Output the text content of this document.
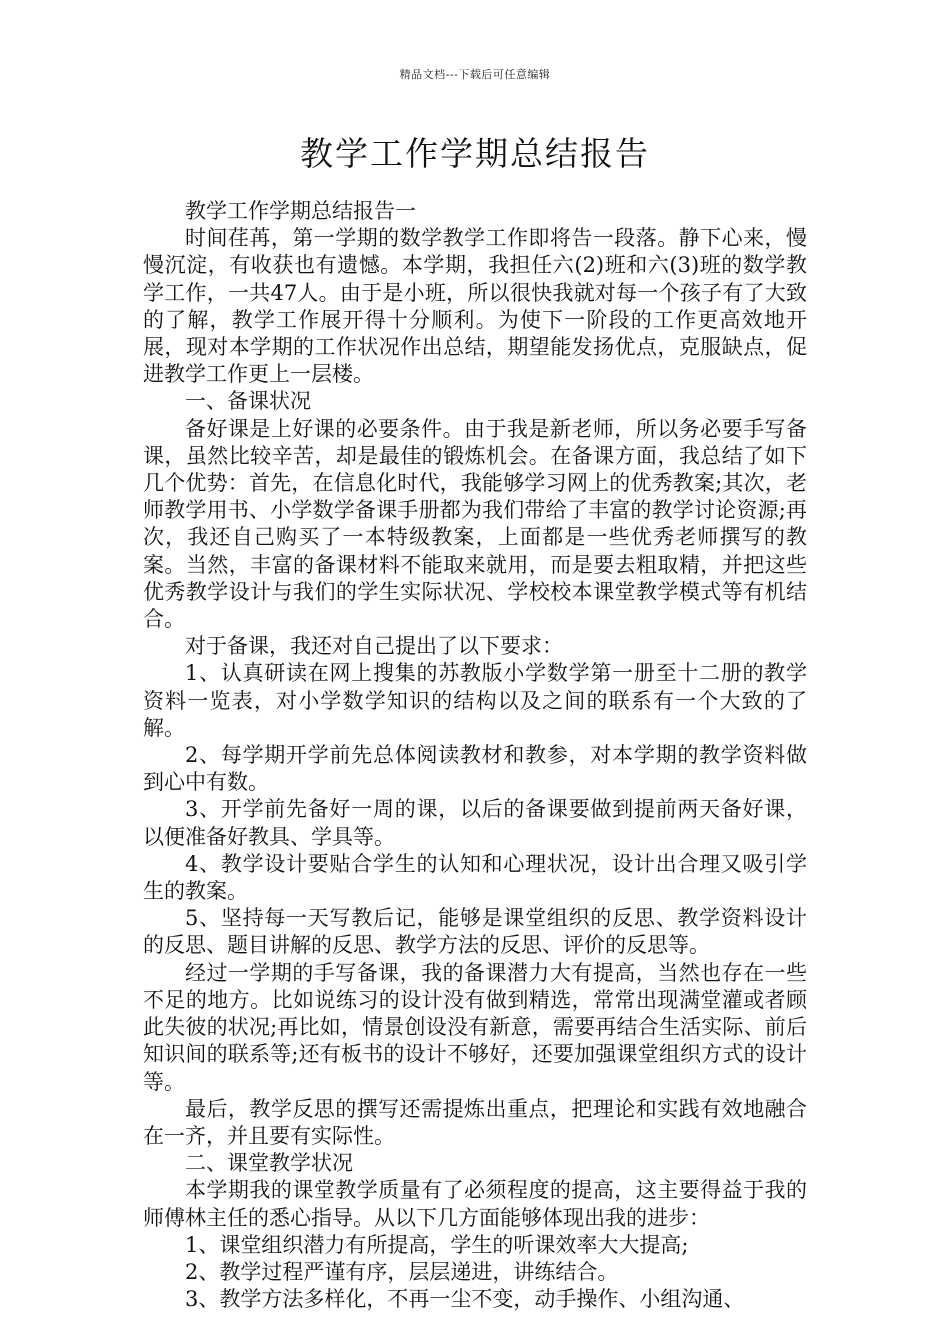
精品文档---下载后可任意编辑
教学工作学期总结报告

教学工作学期总结报告一

时间荏苒，第一学期的数学教学工作即将告一段落。静下心来，慢慢沉淀，有收获也有遗憾。本学期，我担任六(2)班和六(3)班的数学教学工作，一共47人。由于是小班，所以很快我就对每一个孩子有了大致的了解，教学工作展开得十分顺利。为使下一阶段的工作更高效地开展，现对本学期的工作状况作出总结，期望能发扬优点，克服缺点，促进教学工作更上一层楼。

一、备课状况

备好课是上好课的必要条件。由于我是新老师，所以务必要手写备课，虽然比较辛苦，却是最佳的锻炼机会。在备课方面，我总结了如下几个优势：首先，在信息化时代，我能够学习网上的优秀教案;其次，老师教学用书、小学数学备课手册都为我们带给了丰富的教学讨论资源;再次，我还自己购买了一本特级教案，上面都是一些优秀老师撰写的教案。当然，丰富的备课材料不能取来就用，而是要去粗取精，并把这些优秀教学设计与我们的学生实际状况、学校校本课堂教学模式等有机结合。

对于备课，我还对自己提出了以下要求：

1、认真研读在网上搜集的苏教版小学数学第一册至十二册的教学资料一览表，对小学数学知识的结构以及之间的联系有一个大致的了解。

2、每学期开学前先总体阅读教材和教参，对本学期的教学资料做到心中有数。

3、开学前先备好一周的课，以后的备课要做到提前两天备好课，以便准备好教具、学具等。

4、教学设计要贴合学生的认知和心理状况，设计出合理又吸引学生的教案。

5、坚持每一天写教后记，能够是课堂组织的反思、教学资料设计的反思、题目讲解的反思、教学方法的反思、评价的反思等。

经过一学期的手写备课，我的备课潜力大有提高，当然也存在一些不足的地方。比如说练习的设计没有做到精选，常常出现满堂灌或者顾此失彼的状况;再比如，情景创设没有新意，需要再结合生活实际、前后知识间的联系等;还有板书的设计不够好，还要加强课堂组织方式的设计等。

最后，教学反思的撰写还需提炼出重点，把理论和实践有效地融合在一齐，并且要有实际性。

二、课堂教学状况

本学期我的课堂教学质量有了必须程度的提高，这主要得益于我的师傅林主任的悉心指导。从以下几方面能够体现出我的进步：

1、课堂组织潜力有所提高，学生的听课效率大大提高;

2、教学过程严谨有序，层层递进，讲练结合。

3、教学方法多样化，不再一尘不变，动手操作、小组沟通、
